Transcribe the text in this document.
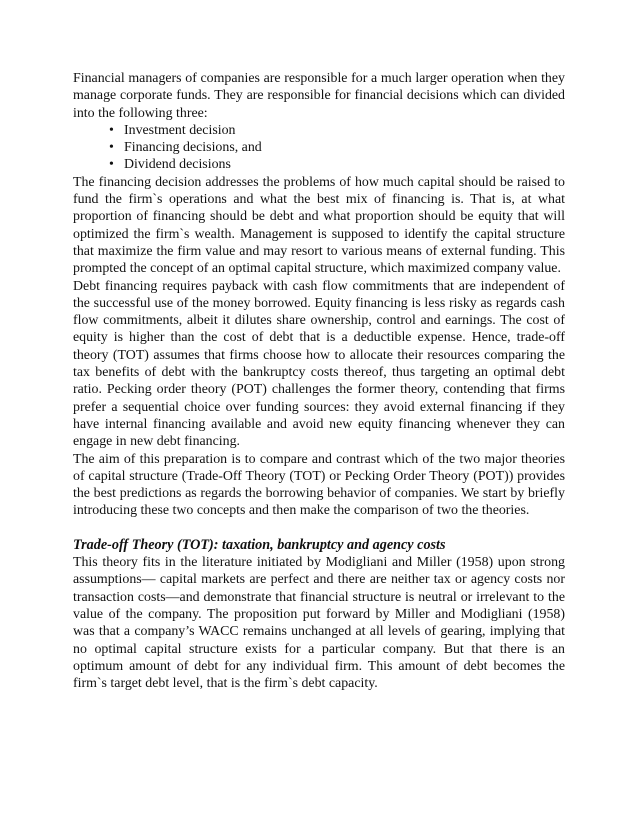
Financial managers of companies are responsible for a much larger operation when they manage corporate funds. They are responsible for financial decisions which can divided into the following three:

• Investment decision
• Financing decisions, and
• Dividend decisions

The financing decision addresses the problems of how much capital should be raised to fund the firm`s operations and what the best mix of financing is. That is, at what proportion of financing should be debt and what proportion should be equity that will optimized the firm`s wealth. Management is supposed to identify the capital structure that maximize the firm value and may resort to various means of external funding. This prompted the concept of an optimal capital structure, which maximized company value.

Debt financing requires payback with cash flow commitments that are independent of the successful use of the money borrowed. Equity financing is less risky as regards cash flow commitments, albeit it dilutes share ownership, control and earnings. The cost of equity is higher than the cost of debt that is a deductible expense. Hence, trade-off theory (TOT) assumes that firms choose how to allocate their resources comparing the tax benefits of debt with the bankruptcy costs thereof, thus targeting an optimal debt ratio. Pecking order theory (POT) challenges the former theory, contending that firms prefer a sequential choice over funding sources: they avoid external financing if they have internal financing available and avoid new equity financing whenever they can engage in new debt financing.

The aim of this preparation is to compare and contrast which of the two major theories of capital structure (Trade-Off Theory (TOT) or Pecking Order Theory (POT)) provides the best predictions as regards the borrowing behavior of companies. We start by briefly introducing these two concepts and then make the comparison of two the theories.

Trade-off Theory (TOT): taxation, bankruptcy and agency costs

This theory fits in the literature initiated by Modigliani and Miller (1958) upon strong assumptions— capital markets are perfect and there are neither tax or agency costs nor transaction costs—and demonstrate that financial structure is neutral or irrelevant to the value of the company. The proposition put forward by Miller and Modigliani (1958) was that a company’s WACC remains unchanged at all levels of gearing, implying that no optimal capital structure exists for a particular company. But that there is an optimum amount of debt for any individual firm. This amount of debt becomes the firm`s target debt level, that is the firm`s debt capacity.
